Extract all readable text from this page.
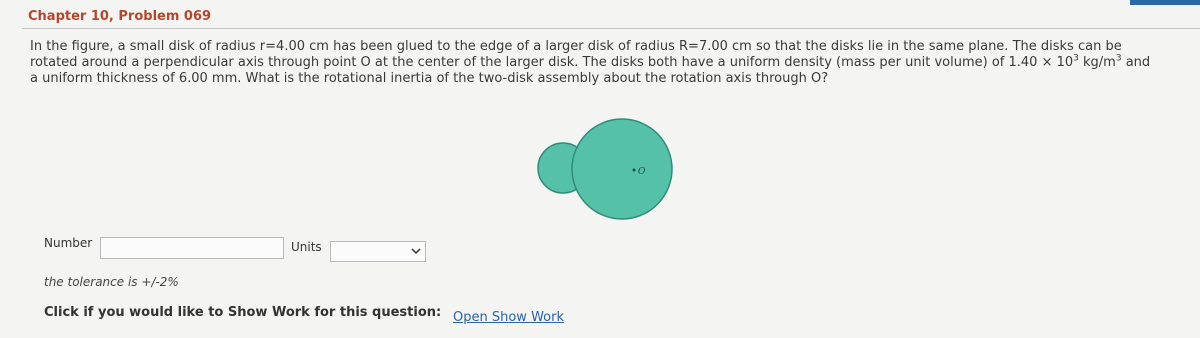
Chapter 10, Problem 069
In the figure, a small disk of radius r=4.00 cm has been glued to the edge of a larger disk of radius R=7.00 cm so that the disks lie in the same plane. The disks can be
rotated around a perpendicular axis through point O at the center of the larger disk. The disks both have a uniform density (mass per unit volume) of $1.40 \times 10^3$ $kg/m^3$ and
a uniform thickness of 6.00 mm. What is the rotational inertia of the two-disk assembly about the rotation axis through O?
O
Number	Units
the tolerance is +/-2%
Click if you would like to Show Work for this question: Open Show Work
